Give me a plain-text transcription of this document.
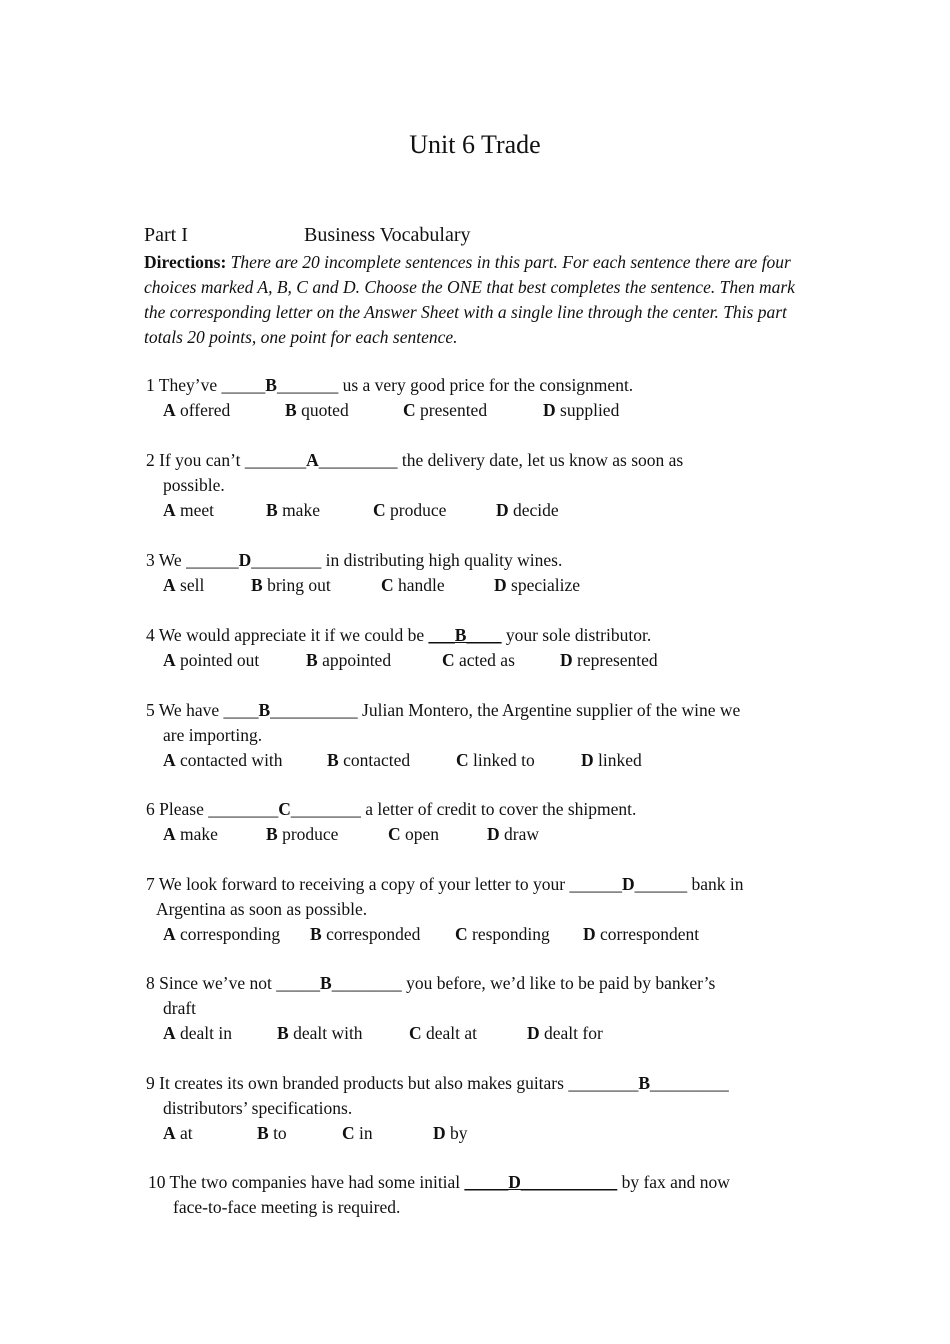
Unit 6 Trade
Part I	Business Vocabulary
Directions: There are 20 incomplete sentences in this part. For each sentence there are four choices marked A, B, C and D. Choose the ONE that best completes the sentence. Then mark the corresponding letter on the Answer Sheet with a single line through the center. This part totals 20 points, one point for each sentence.
1 They’ve _____B_______ us a very good price for the consignment.
A offered	B quoted	C presented	D supplied
2 If you can’t _______A_________ the delivery date, let us know as soon as
possible.
A meet	B make	C produce	D decide
3 We ______D________ in distributing high quality wines.
A sell	B bring out	C handle	D specialize
4 We would appreciate it if we could be ___B____ your sole distributor.
A pointed out	B appointed	C acted as	D represented
5 We have ____B__________ Julian Montero, the Argentine supplier of the wine we
are importing.
A contacted with	B contacted	C linked to	D linked
6 Please ________C________ a letter of credit to cover the shipment.
A make	B produce	C open	D draw
7 We look forward to receiving a copy of your letter to your ______D______ bank in
Argentina as soon as possible.
A corresponding B corresponded C responding D correspondent
8 Since we’ve not _____B________ you before, we’d like to be paid by banker’s
draft
A dealt in	B dealt with	C dealt at	D dealt for
9 It creates its own branded products but also makes guitars ________B_________
distributors’ specifications.
A at	B to	C in	D by
10 The two companies have had some initial _____D___________ by fax and now
face-to-face meeting is required.
